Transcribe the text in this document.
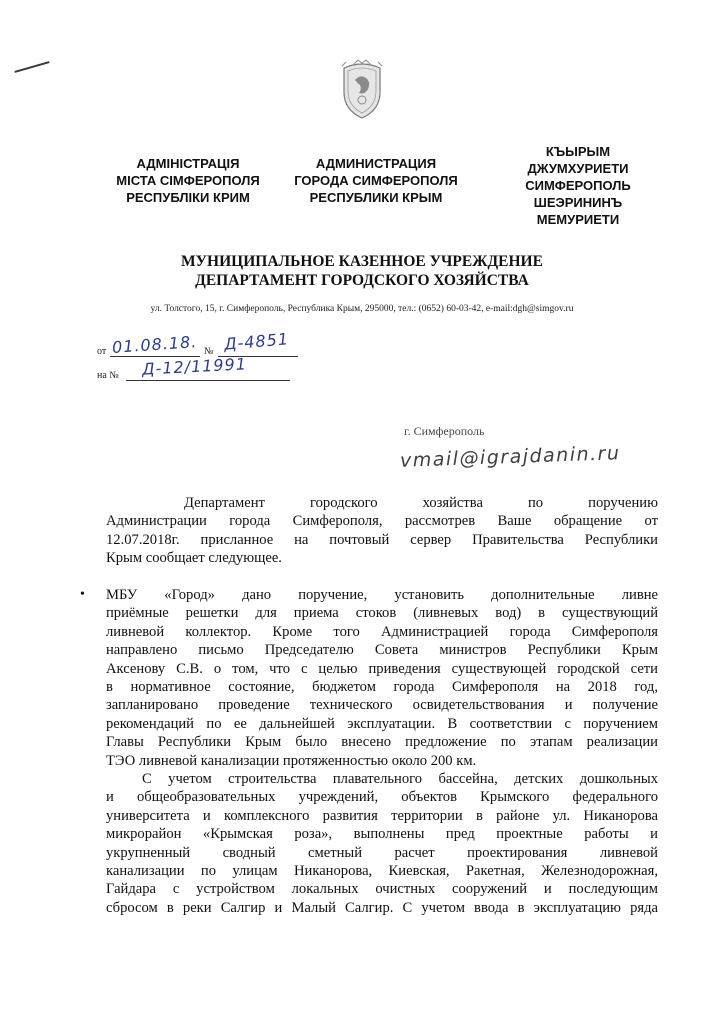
АДМІНІСТРАЦІЯ
МІСТА СІМФЕРОПОЛЯ
РЕСПУБЛІКИ КРИМ
АДМИНИСТРАЦИЯ
ГОРОДА СИМФЕРОПОЛЯ
РЕСПУБЛИКИ КРЫМ
КЪЫРЫМ
ДЖУМХУРИЕТИ
СИМФЕРОПОЛЬ
ШЕЭРИНИНЪ
МЕМУРИЕТИ
МУНИЦИПАЛЬНОЕ КАЗЕННОЕ УЧРЕЖДЕНИЕ
ДЕПАРТАМЕНТ ГОРОДСКОГО ХОЗЯЙСТВА
ул. Толстого, 15, г. Симферополь, Республика Крым, 295000, тел.: (0652) 60-03-42, e-mail:dgh@simgov.ru
от 01.08.18. № Д-4851
на № Д-12/11991
г. Симферополь
vmail@igrajdanin.ru
Департамент городского хозяйства по поручению
Администрации города Симферополя, рассмотрев Ваше обращение от
12.07.2018г. присланное на почтовый сервер Правительства Республики
Крым сообщает следующее.
• МБУ «Город» дано поручение, установить дополнительные ливне
приёмные решетки для приема стоков (ливневых вод) в существующий
ливневой коллектор. Кроме того Администрацией города Симферополя
направлено письмо Председателю Совета министров Республики Крым
Аксенову С.В. о том, что с целью приведения существующей городской сети
в нормативное состояние, бюджетом города Симферополя на 2018 год,
запланировано проведение технического освидетельствования и получение
рекомендаций по ее дальнейшей эксплуатации. В соответствии с поручением
Главы Республики Крым было внесено предложение по этапам реализации
ТЭО ливневой канализации протяженностью около 200 км.
С учетом строительства плавательного бассейна, детских дошкольных
и общеобразовательных учреждений, объектов Крымского федерального
университета и комплексного развития территории в районе ул. Никанорова
микрорайон «Крымская роза», выполнены пред проектные работы и
укрупненный сводный сметный расчет проектирования ливневой
канализации по улицам Никанорова, Киевская, Ракетная, Железнодорожная,
Гайдара с устройством локальных очистных сооружений и последующим
сбросом в реки Салгир и Малый Салгир. С учетом ввода в эксплуатацию ряда
